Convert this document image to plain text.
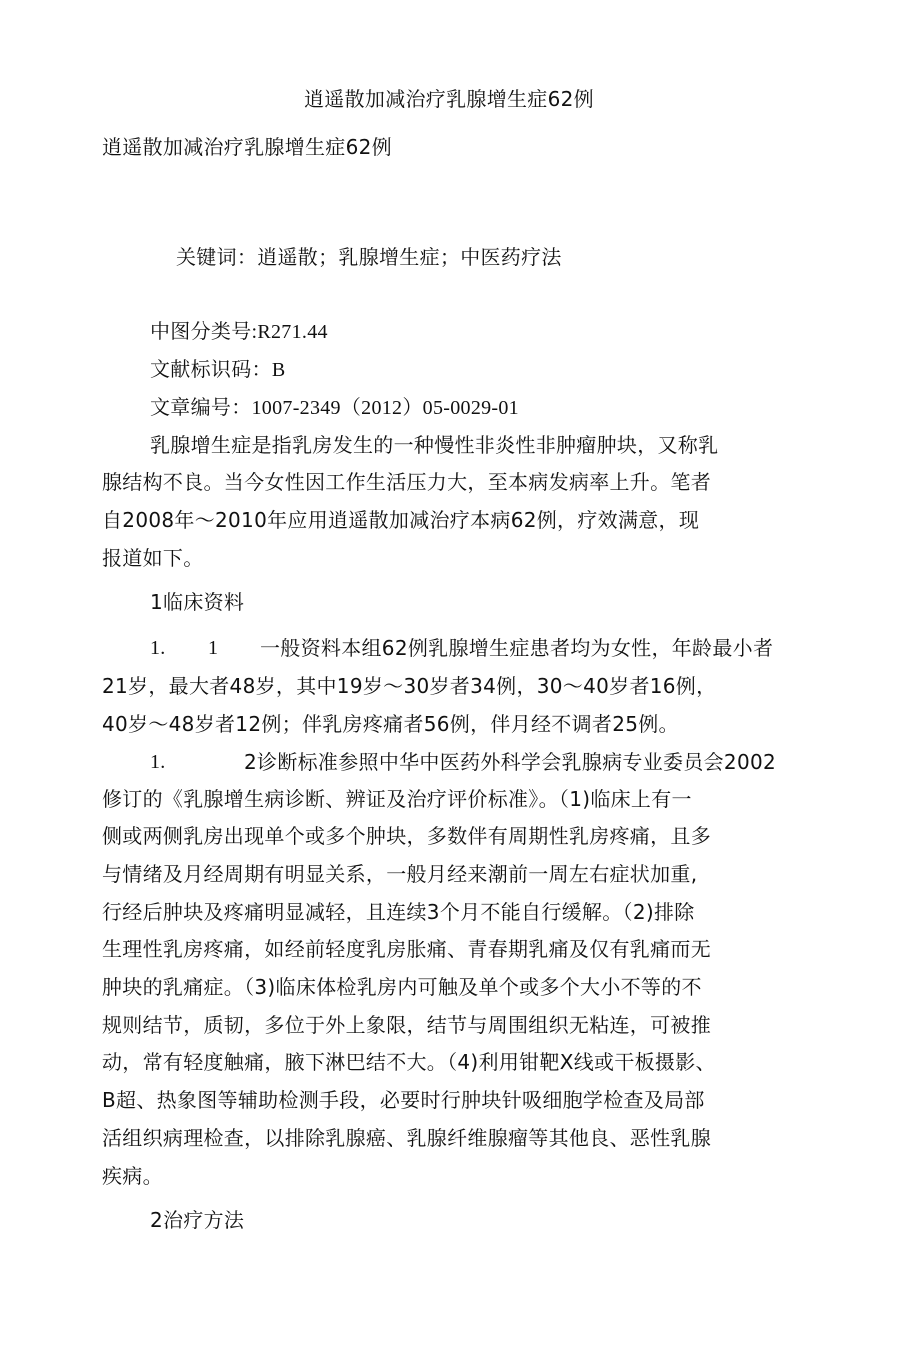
逍遥散加减治疗乳腺增生症62例
逍遥散加减治疗乳腺增生症62例
关键词：逍遥散；乳腺增生症；中医药疗法
中图分类号:R271.44
文献标识码：B
文章编号：1007-2349（2012）05-0029-01
乳腺增生症是指乳房发生的一种慢性非炎性非肿瘤肿块，又称乳
腺结构不良。当今女性因工作生活压力大，至本病发病率上升。笔者
自2008年～2010年应用逍遥散加减治疗本病62例，疗效满意，现
报道如下。
1临床资料
1. 1 一般资料本组62例乳腺增生症患者均为女性，年龄最小者
21岁，最大者48岁，其中19岁～30岁者34例，30～40岁者16例，
40岁～48岁者12例；伴乳房疼痛者56例，伴月经不调者25例。
1.	2诊断标准参照中华中医药外科学会乳腺病专业委员会2002
修订的《乳腺增生病诊断、辨证及治疗评价标准》。（1)临床上有一
侧或两侧乳房出现单个或多个肿块，多数伴有周期性乳房疼痛，且多
与情绪及月经周期有明显关系，一般月经来潮前一周左右症状加重,
行经后肿块及疼痛明显减轻，且连续3个月不能自行缓解。（2)排除
生理性乳房疼痛，如经前轻度乳房胀痛、青春期乳痛及仅有乳痛而无
肿块的乳痛症。（3)临床体检乳房内可触及单个或多个大小不等的不
规则结节，质韧，多位于外上象限，结节与周围组织无粘连，可被推
动，常有轻度触痛，腋下淋巴结不大。（4)利用钳靶X线或干板摄影、
B超、热象图等辅助检测手段，必要时行肿块针吸细胞学检查及局部
活组织病理检查，以排除乳腺癌、乳腺纤维腺瘤等其他良、恶性乳腺
疾病。
2治疗方法
